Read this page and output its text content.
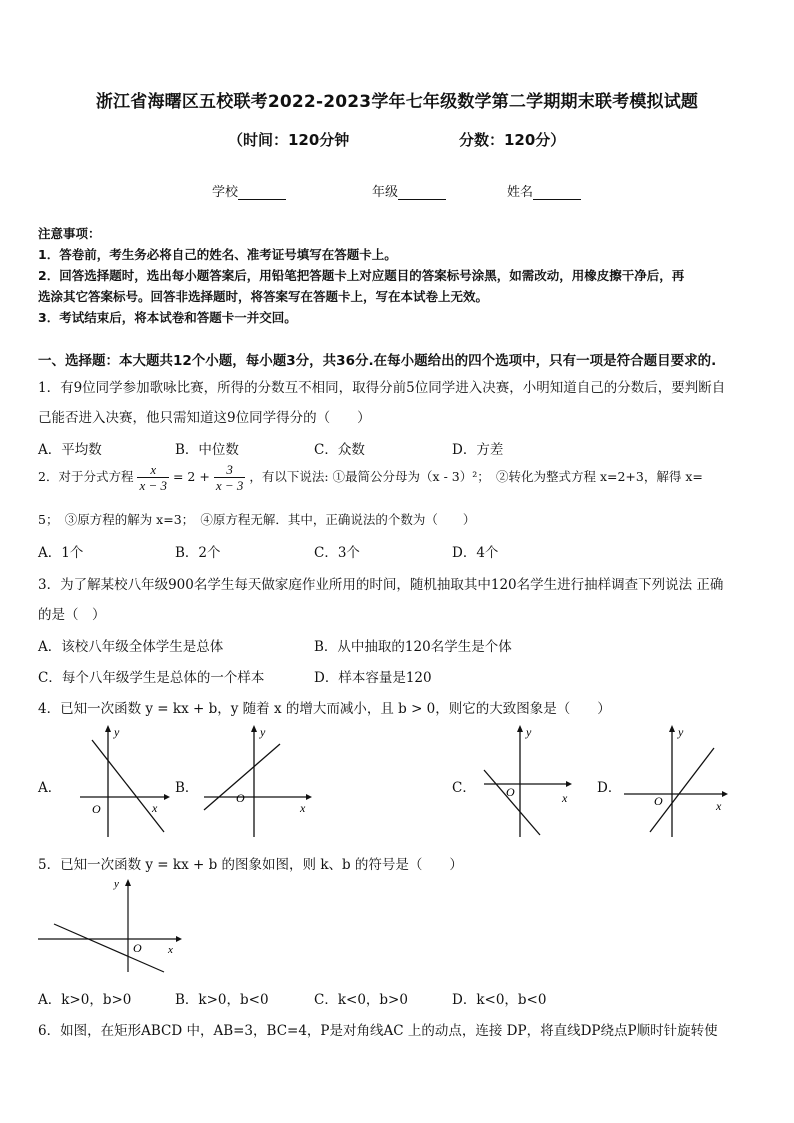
浙江省海曙区五校联考2022-2023学年七年级数学第二学期期末联考模拟试题
（时间：120分钟	分数：120分）
学校	年级	姓名
注意事项：
1．答卷前，考生务必将自己的姓名、准考证号填写在答题卡上。
2．回答选择题时，选出每小题答案后，用铅笔把答题卡上对应题目的答案标号涂黑，如需改动，用橡皮擦干净后，再
选涂其它答案标号。回答非选择题时，将答案写在答题卡上，写在本试卷上无效。
3．考试结束后，将本试卷和答题卡一并交回。
一、选择题：本大题共12个小题，每小题3分，共36分.在每小题给出的四个选项中，只有一项是符合题目要求的.
1．有9位同学参加歌咏比赛，所得的分数互不相同，取得分前5位同学进入决赛，小明知道自己的分数后，要判断自
己能否进入决赛，他只需知道这9位同学得分的（　　）
A．平均数	B．中位数	C．众数	D．方差
2．对于分式方程 $\frac{x}{x - 3} = 2 + \frac{3}{x - 3}$ ，有以下说法: ①最简公分母为（x - 3）²；　②转化为整式方程 x=2+3，解得 x=
5；　③原方程的解为 x=3；　④原方程无解．其中，正确说法的个数为（　　）
A．1个	B．2个	C．3个	D．4个
3．为了解某校八年级900名学生每天做家庭作业所用的时间，随机抽取其中120名学生进行抽样调查下列说法 正确
的是（　）
A．该校八年级全体学生是总体	B．从中抽取的120名学生是个体
C．每个八年级学生是总体的一个样本	D．样本容量是120
4．已知一次函数 y = kx + b，y 随着 x 的增大而减小，且 b > 0，则它的大致图象是（　　）
A．
y
x
O
B．
y
x
O
C．
y
x
O	D．
y
x
O
5．已知一次函数 y = kx + b 的图象如图，则 k、b 的符号是（　　）
y
x
O
A．k>0，b>0	B．k>0，b<0	C．k<0，b>0	D．k<0，b<0
6．如图，在矩形ABCD 中，AB=3，BC=4，P是对角线AC 上的动点，连接 DP，将直线DP绕点P顺时针旋转使
